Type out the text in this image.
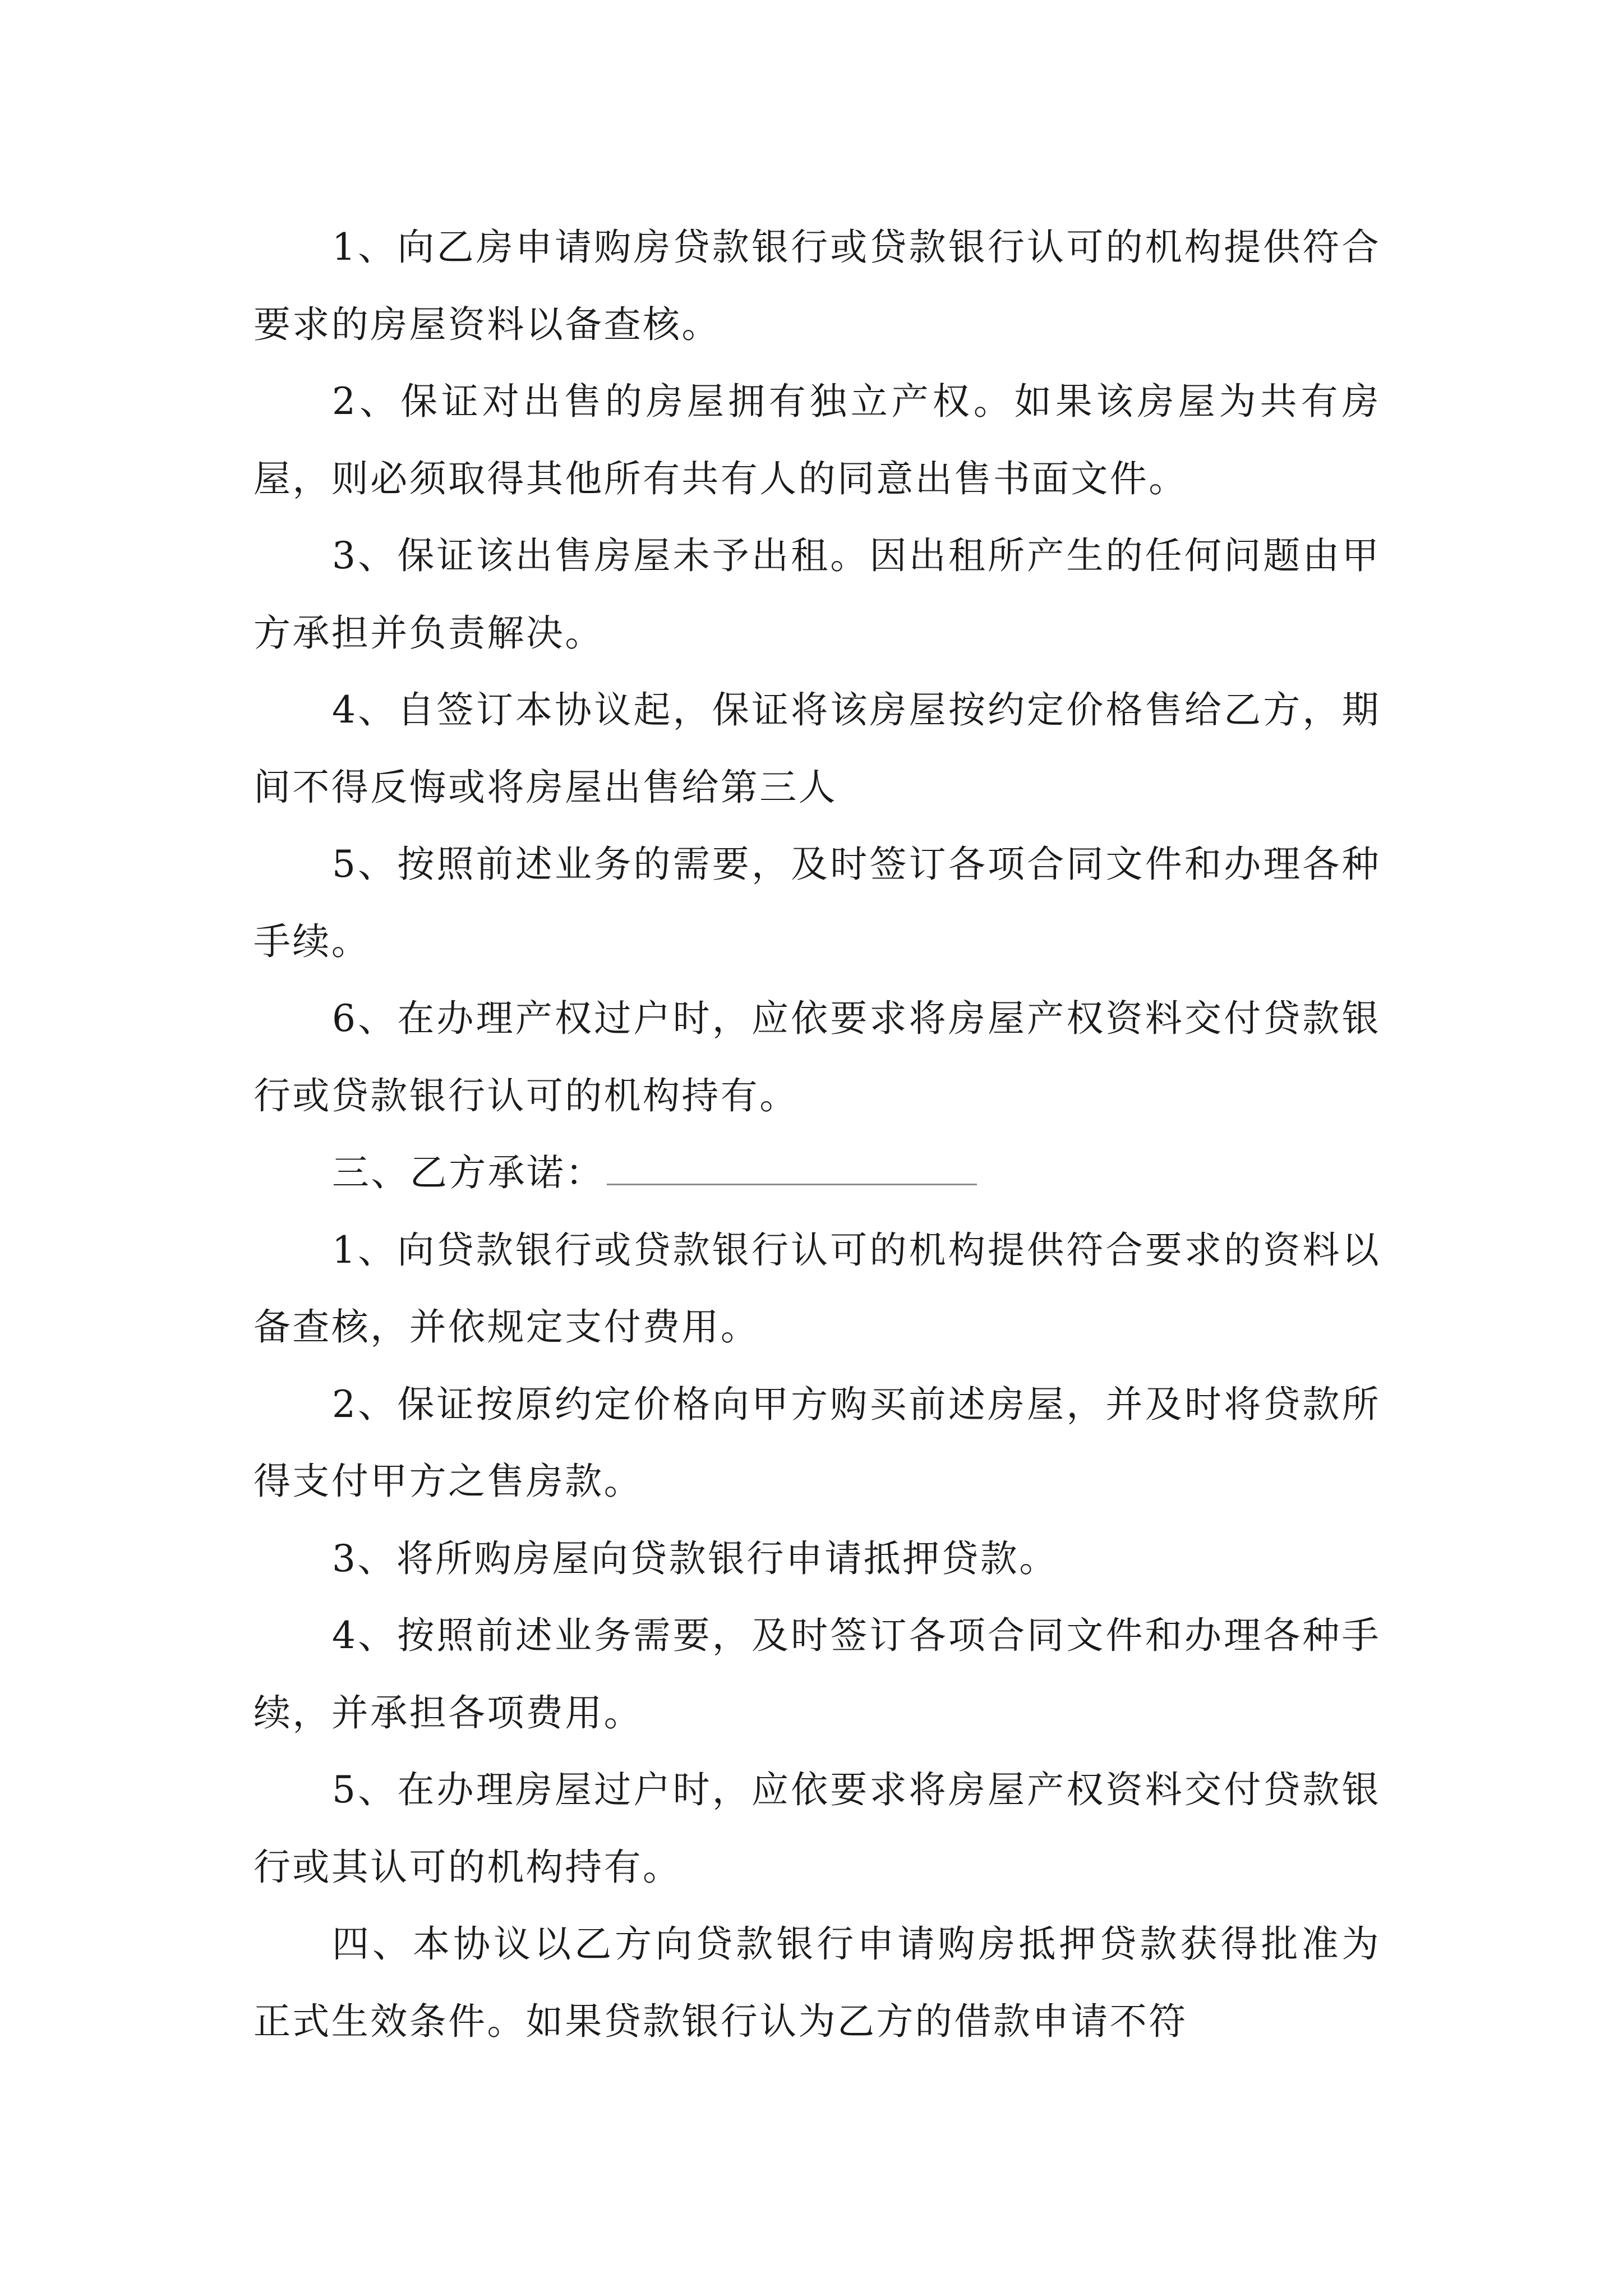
1、向乙房申请购房贷款银行或贷款银行认可的机构提供符合要求的房屋资料以备查核。

2、保证对出售的房屋拥有独立产权。如果该房屋为共有房屋，则必须取得其他所有共有人的同意出售书面文件。

3、保证该出售房屋未予出租。因出租所产生的任何问题由甲方承担并负责解决。

4、自签订本协议起，保证将该房屋按约定价格售给乙方，期间不得反悔或将房屋出售给第三人

5、按照前述业务的需要，及时签订各项合同文件和办理各种手续。

6、在办理产权过户时，应依要求将房屋产权资料交付贷款银行或贷款银行认可的机构持有。

三、乙方承诺：

1、向贷款银行或贷款银行认可的机构提供符合要求的资料以备查核，并依规定支付费用。

2、保证按原约定价格向甲方购买前述房屋，并及时将贷款所得支付甲方之售房款。

3、将所购房屋向贷款银行申请抵押贷款。

4、按照前述业务需要，及时签订各项合同文件和办理各种手续，并承担各项费用。

5、在办理房屋过户时，应依要求将房屋产权资料交付贷款银行或其认可的机构持有。

四、本协议以乙方向贷款银行申请购房抵押贷款获得批准为正式生效条件。如果贷款银行认为乙方的借款申请不符
